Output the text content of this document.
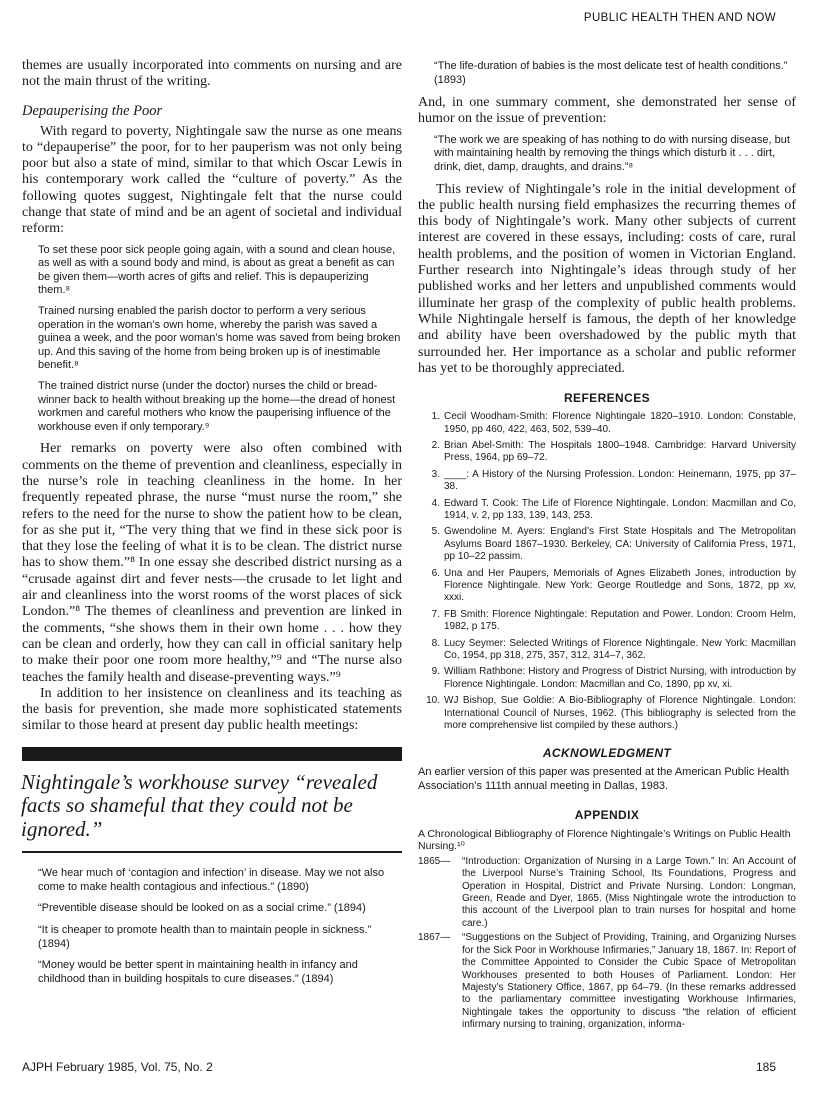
PUBLIC HEALTH THEN AND NOW

themes are usually incorporated into comments on nursing and are not the main thrust of the writing.

Depauperising the Poor

With regard to poverty, Nightingale saw the nurse as one means to “depauperise” the poor, for to her pauperism was not only being poor but also a state of mind, similar to that which Oscar Lewis in his contemporary work called the “culture of poverty.” As the following quotes suggest, Nightingale felt that the nurse could change that state of mind and be an agent of societal and individual reform:

To set these poor sick people going again, with a sound and clean house, as well as with a sound body and mind, is about as great a benefit as can be given them—worth acres of gifts and relief. This is depauperizing them.⁸

Trained nursing enabled the parish doctor to perform a very serious operation in the woman’s own home, whereby the parish was saved a guinea a week, and the poor woman’s home was saved from being broken up. And this saving of the home from being broken up is of inestimable benefit.⁸

The trained district nurse (under the doctor) nurses the child or bread-winner back to health without breaking up the home—the dread of honest workmen and careful mothers who know the pauperising influence of the workhouse even if only temporary.⁹

Her remarks on poverty were also often combined with comments on the theme of prevention and cleanliness, especially in the nurse’s role in teaching cleanliness in the home. In her frequently repeated phrase, the nurse “must nurse the room,” she refers to the need for the nurse to show the patient how to be clean, for as she put it, “The very thing that we find in these sick poor is that they lose the feeling of what it is to be clean. The district nurse has to show them.”⁸ In one essay she described district nursing as a “crusade against dirt and fever nests—the crusade to let light and air and cleanliness into the worst rooms of the worst places of sick London.”⁸ The themes of cleanliness and prevention are linked in the comments, “she shows them in their own home . . . how they can be clean and orderly, how they can call in official sanitary help to make their poor one room more healthy,”⁹ and “The nurse also teaches the family health and disease-preventing ways.”⁹

In addition to her insistence on cleanliness and its teaching as the basis for prevention, she made more sophisticated statements similar to those heard at present day public health meetings:

Nightingale’s workhouse survey “revealed facts so shameful that they could not be ignored.”

“We hear much of ‘contagion and infection’ in disease. May we not also come to make health contagious and infectious.” (1890)

“Preventible disease should be looked on as a social crime.” (1894)

“It is cheaper to promote health than to maintain people in sickness.” (1894)

“Money would be better spent in maintaining health in infancy and childhood than in building hospitals to cure diseases.” (1894)

“The life-duration of babies is the most delicate test of health conditions.” (1893)

And, in one summary comment, she demonstrated her sense of humor on the issue of prevention:

“The work we are speaking of has nothing to do with nursing disease, but with maintaining health by removing the things which disturb it . . . dirt, drink, diet, damp, draughts, and drains.”⁸

This review of Nightingale’s role in the initial development of the public health nursing field emphasizes the recurring themes of this body of Nightingale’s work. Many other subjects of current interest are covered in these essays, including: costs of care, rural health problems, and the position of women in Victorian England. Further research into Nightingale’s ideas through study of her published works and her letters and unpublished comments would illuminate her grasp of the complexity of public health problems. While Nightingale herself is famous, the depth of her knowledge and ability have been overshadowed by the public myth that surrounded her. Her importance as a scholar and public reformer has yet to be thoroughly appreciated.

REFERENCES
1. Cecil Woodham-Smith: Florence Nightingale 1820–1910. London: Constable, 1950, pp 460, 422, 463, 502, 539–40.
2. Brian Abel-Smith: The Hospitals 1800–1948. Cambridge: Harvard University Press, 1964, pp 69–72.
3. ____: A History of the Nursing Profession. London: Heinemann, 1975, pp 37–38.
4. Edward T. Cook: The Life of Florence Nightingale. London: Macmillan and Co, 1914, v. 2, pp 133, 139, 143, 253.
5. Gwendoline M. Ayers: England’s First State Hospitals and The Metropolitan Asylums Board 1867–1930. Berkeley, CA: University of California Press, 1971, pp 10–22 passim.
6. Una and Her Paupers, Memorials of Agnes Elizabeth Jones, introduction by Florence Nightingale. New York: George Routledge and Sons, 1872, pp xv, xxxi.
7. FB Smith: Florence Nightingale: Reputation and Power. London: Croom Helm, 1982, p 175.
8. Lucy Seymer: Selected Writings of Florence Nightingale. New York: Macmillan Co, 1954, pp 318, 275, 357, 312, 314–7, 362.
9. William Rathbone: History and Progress of District Nursing, with introduction by Florence Nightingale. London: Macmillan and Co, 1890, pp xv, xi.
10. WJ Bishop, Sue Goldie: A Bio-Bibliography of Florence Nightingale. London: International Council of Nurses, 1962. (This bibliography is selected from the more comprehensive list compiled by these authors.)
ACKNOWLEDGMENT

An earlier version of this paper was presented at the American Public Health Association’s 111th annual meeting in Dallas, 1983.

APPENDIX

A Chronological Bibliography of Florence Nightingale’s Writings on Public Health Nursing.¹⁰

1865— “Introduction: Organization of Nursing in a Large Town.” In: An Account of the Liverpool Nurse’s Training School, Its Foundations, Progress and Operation in Hospital, District and Private Nursing. London: Longman, Green, Reade and Dyer, 1865. (Miss Nightingale wrote the introduction to this account of the Liverpool plan to train nurses for hospital and home care.)
1867— “Suggestions on the Subject of Providing, Training, and Organizing Nurses for the Sick Poor in Workhouse Infirmaries,” January 18, 1867. In: Report of the Committee Appointed to Consider the Cubic Space of Metropolitan Workhouses presented to both Houses of Parliament. London: Her Majesty’s Stationery Office, 1867, pp 64–79. (In these remarks addressed to the parliamentary committee investigating Workhouse Infirmaries, Nightingale takes the opportunity to discuss “the relation of efficient infirmary nursing to training, organization, informa-
AJPH February 1985, Vol. 75, No. 2	185
